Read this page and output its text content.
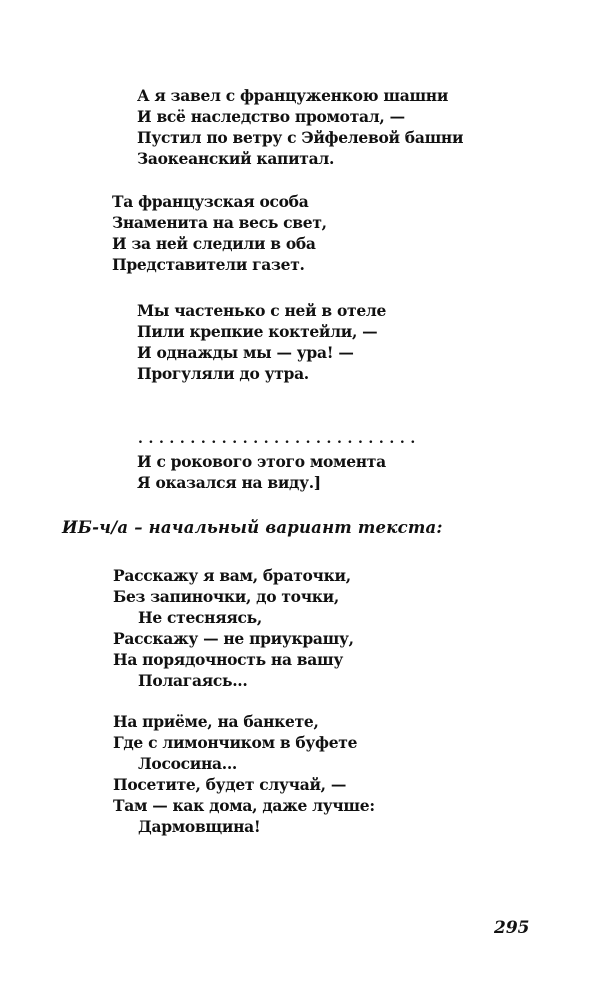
А я завел с француженкою шашни
И всё наследство промотал, —
Пустил по ветру с Эйфелевой башни
Заокеанский капитал.
Та французская особа
Знаменита на весь свет,
И за ней следили в оба
Представители газет.
Мы частенько с ней в отеле
Пили крепкие коктейли, —
И однажды мы — ура! —
Прогуляли до утра.
...........................
И с рокового этого момента
Я оказался на виду.]
ИБ-ч/а – начальный вариант текста:
Расскажу я вам, браточки,
Без запиночки, до точки,
Не стесняясь,
Расскажу — не приукрашу,
На порядочность на вашу
Полагаясь...
На приёме, на банкете,
Где с лимончиком в буфете
Лососина...
Посетите, будет случай, —
Там — как дома, даже лучше:
Дармовщина!
295
